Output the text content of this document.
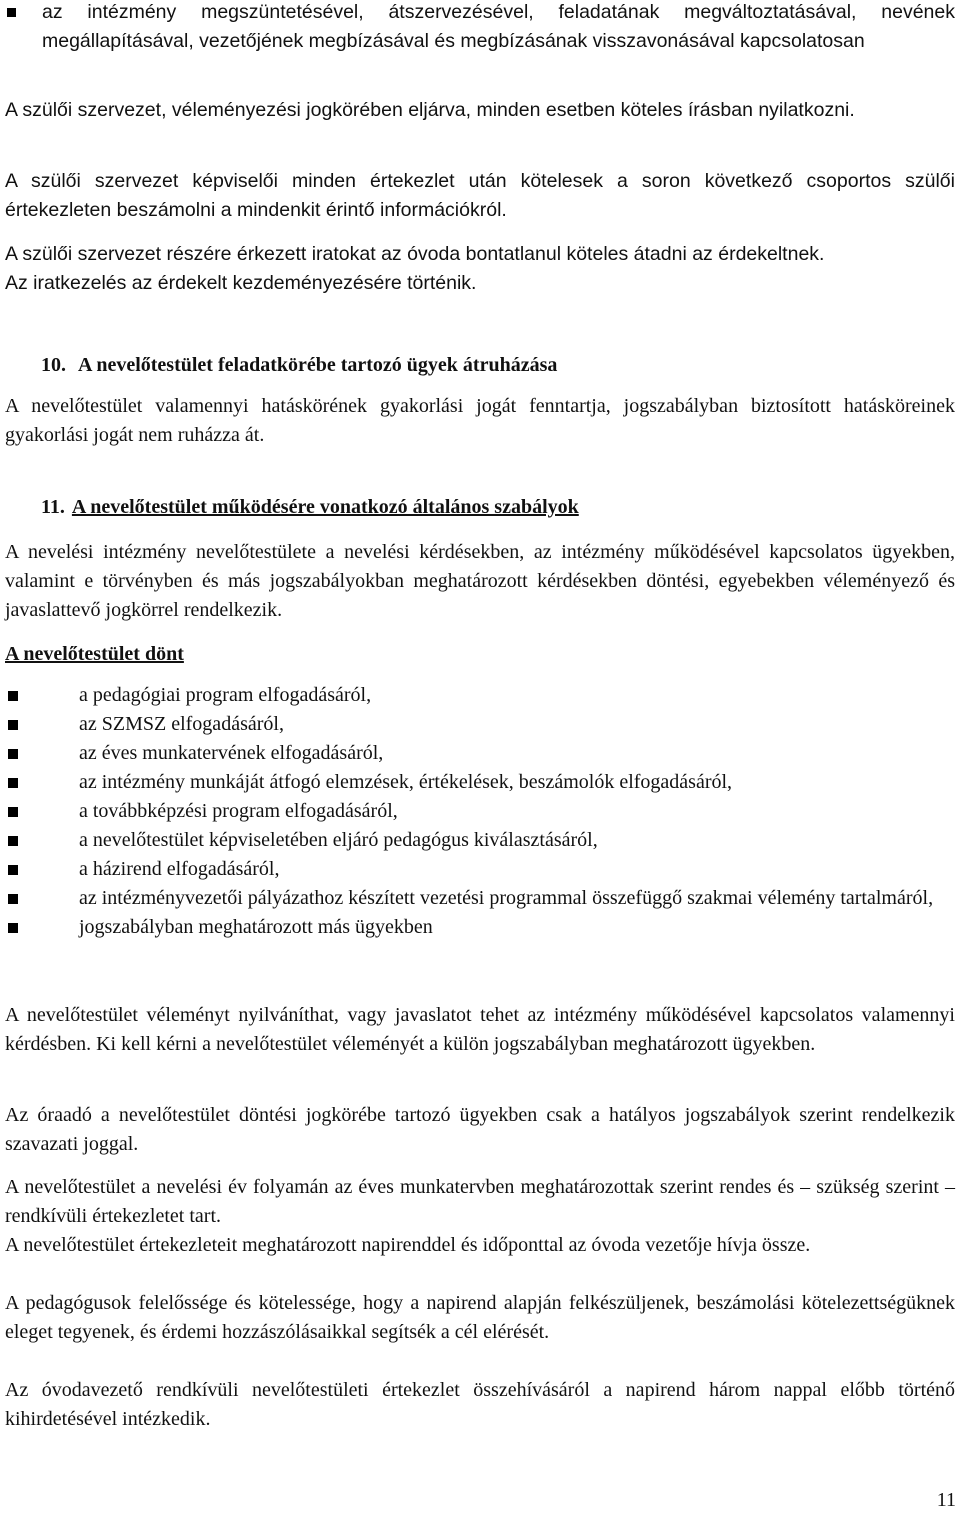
az intézmény megszüntetésével, átszervezésével, feladatának megváltoztatásával, nevének megállapításával, vezetőjének megbízásával és megbízásának visszavonásával kapcsolatosan

A szülői szervezet, véleményezési jogkörében eljárva, minden esetben köteles írásban nyilatkozni.

A szülői szervezet képviselői minden értekezlet után kötelesek a soron következő csoportos szülői értekezleten beszámolni a mindenkit érintő információkról.

A szülői szervezet részére érkezett iratokat az óvoda bontatlanul köteles átadni az érdekeltnek.

Az iratkezelés az érdekelt kezdeményezésére történik.

10. A nevelőtestület feladatkörébe tartozó ügyek átruházása

A nevelőtestület valamennyi hatáskörének gyakorlási jogát fenntartja, jogszabályban biztosított hatásköreinek gyakorlási jogát nem ruházza át.

11. A nevelőtestület működésére vonatkozó általános szabályok

A nevelési intézmény nevelőtestülete a nevelési kérdésekben, az intézmény működésével kapcsolatos ügyekben, valamint e törvényben és más jogszabályokban meghatározott kérdésekben döntési, egyebekben véleményező és javaslattevő jogkörrel rendelkezik.

A nevelőtestület dönt
a pedagógiai program elfogadásáról,
az SZMSZ elfogadásáról,
az éves munkatervének elfogadásáról,
az intézmény munkáját átfogó elemzések, értékelések, beszámolók elfogadásáról,
a továbbképzési program elfogadásáról,
a nevelőtestület képviseletében eljáró pedagógus kiválasztásáról,
a házirend elfogadásáról,
az intézményvezetői pályázathoz készített vezetési programmal összefüggő szakmai vélemény tartalmáról,
jogszabályban meghatározott más ügyekben

A nevelőtestület véleményt nyilváníthat, vagy javaslatot tehet az intézmény működésével kapcsolatos valamennyi kérdésben. Ki kell kérni a nevelőtestület véleményét a külön jogszabályban meghatározott ügyekben.

Az óraadó a nevelőtestület döntési jogkörébe tartozó ügyekben csak a hatályos jogszabályok szerint rendelkezik szavazati joggal.

A nevelőtestület a nevelési év folyamán az éves munkatervben meghatározottak szerint rendes és – szükség szerint – rendkívüli értekezletet tart.

A nevelőtestület értekezleteit meghatározott napirenddel és időponttal az óvoda vezetője hívja össze.

A pedagógusok felelőssége és kötelessége, hogy a napirend alapján felkészüljenek, beszámolási kötelezettségüknek eleget tegyenek, és érdemi hozzászólásaikkal segítsék a cél elérését.

Az óvodavezető rendkívüli nevelőtestületi értekezlet összehívásáról a napirend három nappal előbb történő kihirdetésével intézkedik.

11
